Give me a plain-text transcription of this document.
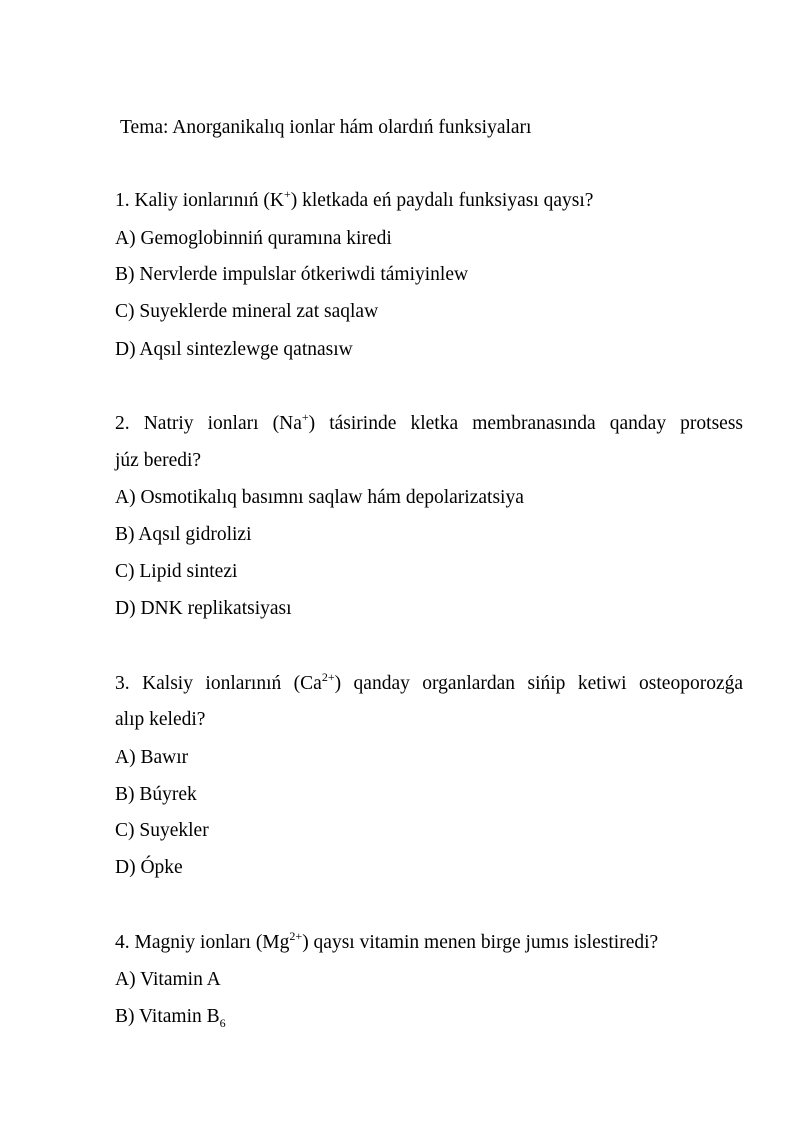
Tema: Anorganikalıq ionlar hám olardıń funksiyaları
1. Kaliy ionlarınıń (K+) kletkada eń paydalı funksiyası qaysı?
A) Gemoglobinniń quramına kiredi
B) Nervlerde impulslar ótkeriwdi támiyinlew
C) Suyeklerde mineral zat saqlaw
D) Aqsıl sintezlewge qatnasıw
2. Natriy ionları (Na+) tásirinde kletka membranasında qanday protsess
júz beredi?
A) Osmotikalıq basımnı saqlaw hám depolarizatsiya
B) Aqsıl gidrolizi
C) Lipid sintezi
D) DNK replikatsiyası
3. Kalsiy ionlarınıń $(Ca^{2+})$ qanday organlardan sińip ketiwi osteoporozǵa
alıp keledi?
A) Bawır
B) Búyrek
C) Suyekler
D) Ópke
4. Magniy ionları $(Mg^{2+})$ qaysı vitamin menen birge jumıs islestiredi?
A) Vitamin A
B) Vitamin $B_6$
